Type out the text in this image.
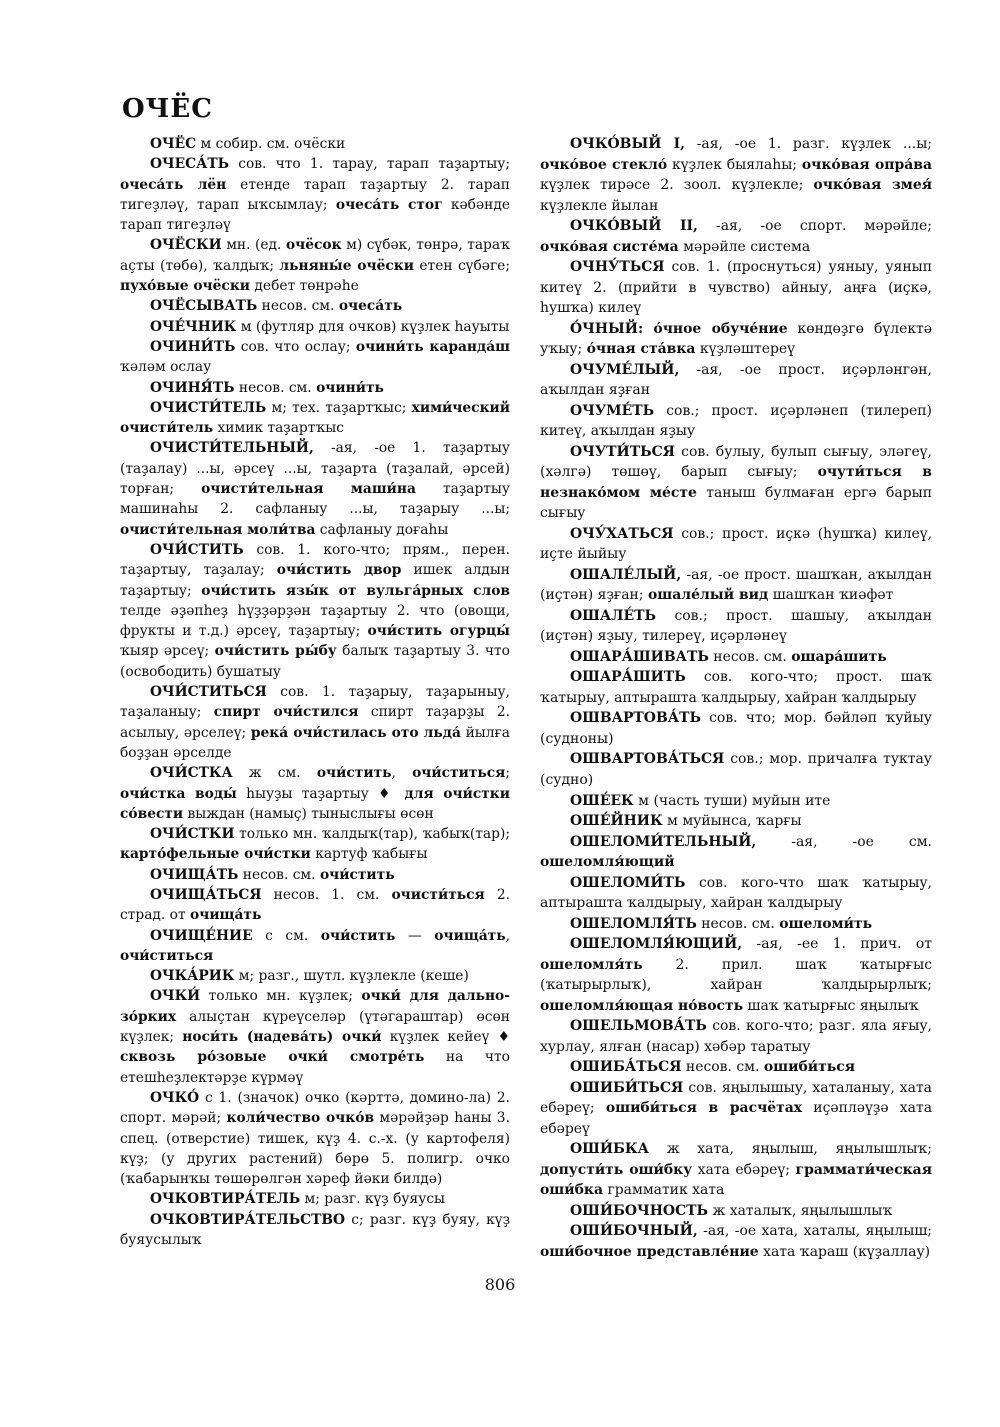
ОЧЁС

ОЧЁС м собир. см. очёски

ОЧЕСА́ТЬ сов. что 1. тарау, тарап таҙартыу; очеса́ть лён етенде тарап таҙартыу 2. тарап тигеҙләү, тарап ыҡсымлау; очеса́ть стог кәбәнде тарап тигеҙләү

ОЧЁСКИ мн. (ед. очёсок м) сүбәк, төнрә, тараҡ аҫты (төбө), ҡалдыҡ; льняны́е очёски етен сүбәге; пухо́вые очёски дебет төнрәһе

ОЧЁСЫВАТЬ несов. см. очеса́ть

ОЧЕ́ЧНИК м (футляр для очков) күҙлек һауыты

ОЧИНИ́ТЬ сов. что ослау; очини́ть каранда́ш ҡәләм ослау

ОЧИНЯ́ТЬ несов. см. очини́ть

ОЧИСТИ́ТЕЛЬ м; тех. таҙартҡыс; хими́ческий очисти́тель химик таҙартҡыс

ОЧИСТИ́ТЕЛЬНЫЙ, -ая, -ое 1. таҙартыу (таҙалау) ...ы, әрсеү ...ы, таҙарта (таҙалай, әрсей) торған; очисти́тельная маши́на таҙартыу машинаһы 2. сафланыу ...ы, таҙарыу ...ы; очисти́тельная моли́тва сафланыу доғаһы

ОЧИ́СТИТЬ сов. 1. кого-что; прям., перен. таҙартыу, таҙалау; очи́стить двор ишек алдын таҙартыу; очи́стить язы́к от вульга́рных слов телде әҙәпһеҙ һүҙҙәрҙән таҙартыу 2. что (овощи, фрукты и т.д.) әрсеү, таҙартыу; очи́стить огурцы́ ҡыяр әрсеү; очи́стить ры́бу балыҡ таҙартыу 3. что (освободить) бушатыу

ОЧИ́СТИТЬСЯ сов. 1. таҙарыу, таҙарыныу, таҙаланыу; спирт очи́стился спирт таҙарҙы 2. асылыу, әрселеү; река́ очи́стилась ото льда́ йылға боҙҙан әрселде

ОЧИ́СТКА ж см. очи́стить, очи́ститься; очи́стка воды́ һыуҙы таҙартыу ♦ для очи́стки со́вести выждан (намыҫ) тыныслығы өсөн

ОЧИ́СТКИ только мн. ҡалдыҡ(тар), ҡабыҡ(тар); карто́фельные очи́стки картуф ҡабығы

ОЧИЩА́ТЬ несов. см. очи́стить

ОЧИЩА́ТЬСЯ несов. 1. см. очисти́ться 2. страд. от очища́ть

ОЧИЩЕ́НИЕ с см. очи́стить — очища́ть, очи́ститься

ОЧКА́РИК м; разг., шутл. күҙлекле (кеше)

ОЧКИ́ только мн. күҙлек; очки́ для дально-зо́рких алыҫтан күреүселәр (үтәгараштар) өсөн күҙлек; носи́ть (надева́ть) очки́ күҙлек кейеү ♦ сквозь ро́зовые очки́ смотре́ть на что етешһеҙлектәрҙе күрмәү

ОЧКО́ с 1. (значок) очко (кәрттә, домино-ла) 2. спорт. мәрәй; коли́чество очко́в мәрәйҙәр һаны 3. спец. (отверстие) тишек, күҙ 4. с.-х. (у картофеля) күҙ; (у других растений) бөрө 5. полигр. очко (ҡабарынҡы төшөрөлгән хәреф йәки билдә)

ОЧКОВТИРА́ТЕЛЬ м; разг. күҙ буяусы

ОЧКОВТИРА́ТЕЛЬСТВО с; разг. күҙ буяу, күҙ буяусылыҡ

ОЧКО́ВЫЙ I, -ая, -ое 1. разг. күҙлек ...ы; очко́вое стекло́ күҙлек быялаһы; очко́вая опра́ва күҙлек тирәсе 2. зоол. күҙлекле; очко́вая змея́ күҙлекле йылан

ОЧКО́ВЫЙ II, -ая, -ое спорт. мәрәйле; очко́вая систе́ма мәрәйле система

ОЧНУ́ТЬСЯ сов. 1. (проснуться) уяныу, уянып китеү 2. (прийти в чувство) айныу, аңға (иҫкә, һушҡа) килеү

О́ЧНЫЙ: о́чное обуче́ние көндөҙгө бүлектә уҡыу; о́чная ста́вка күҙләштереү

ОЧУМЕ́ЛЫЙ, -ая, -ое прост. иҫәрләнгән, аҡылдан яҙған

ОЧУМЕ́ТЬ сов.; прост. иҫәрләнеп (тилереп) китеү, аҡылдан яҙыу

ОЧУТИ́ТЬСЯ сов. булыу, булып сығыу, эләгеү, (хәлгә) төшөү, барып сығыу; очути́ться в незнако́мом ме́сте таныш булмаған ергә барып сығыу

ОЧУ́ХАТЬСЯ сов.; прост. иҫкә (һушҡа) килеү, иҫте йыйыу

ОШАЛЕ́ЛЫЙ, -ая, -ое прост. шашҡан, аҡылдан (иҫтән) яҙған; ошале́лый вид шашҡан ҡиәфәт

ОШАЛЕ́ТЬ сов.; прост. шашыу, аҡылдан (иҫтән) яҙыу, тилереү, иҫәрләнеү

ОШАРА́ШИВАТЬ несов. см. ошара́шить

ОШАРА́ШИТЬ сов. кого-что; прост. шаҡ ҡатырыу, аптырашта ҡалдырыу, хайран ҡалдырыу

ОШВАРТОВА́ТЬ сов. что; мор. бәйләп ҡуйыу (судноны)

ОШВАРТОВА́ТЬСЯ сов.; мор. причалға туктау (судно)

ОШЕ́ЕК м (часть туши) муйын ите

ОШЕ́ЙНИК м муйынса, ҡарғы

ОШЕЛОМИ́ТЕЛЬНЫЙ, -ая, -ое см. ошеломля́ющий

ОШЕЛОМИ́ТЬ сов. кого-что шаҡ ҡатырыу, аптырашта ҡалдырыу, хайран ҡалдырыу

ОШЕЛОМЛЯ́ТЬ несов. см. ошеломи́ть

ОШЕЛОМЛЯ́ЮЩИЙ, -ая, -ее 1. прич. от ошеломля́ть 2. прил. шаҡ ҡатырғыс (ҡатырырлыҡ), хайран ҡалдырырлыҡ; ошеломля́ющая но́вость шаҡ ҡатырғыс яңылыҡ

ОШЕЛЬМОВА́ТЬ сов. кого-что; разг. яла яғыу, хурлау, ялған (насар) хәбәр таратыу

ОШИБА́ТЬСЯ несов. см. ошиби́ться

ОШИБИ́ТЬСЯ сов. яңылышыу, хаталаныу, хата ебәреү; ошиби́ться в расчётах иҫәпләүҙә хата ебәреү

ОШИ́БКА ж хата, яңылыш, яңылышлыҡ; допусти́ть оши́бку хата ебәреү; граммати́ческая оши́бка грамматик хата

ОШИ́БОЧНОСТЬ ж хаталыҡ, яңылышлыҡ

ОШИ́БОЧНЫЙ, -ая, -ое хата, хаталы, яңылыш; оши́бочное представле́ние хата ҡараш (күҙаллау)

806
